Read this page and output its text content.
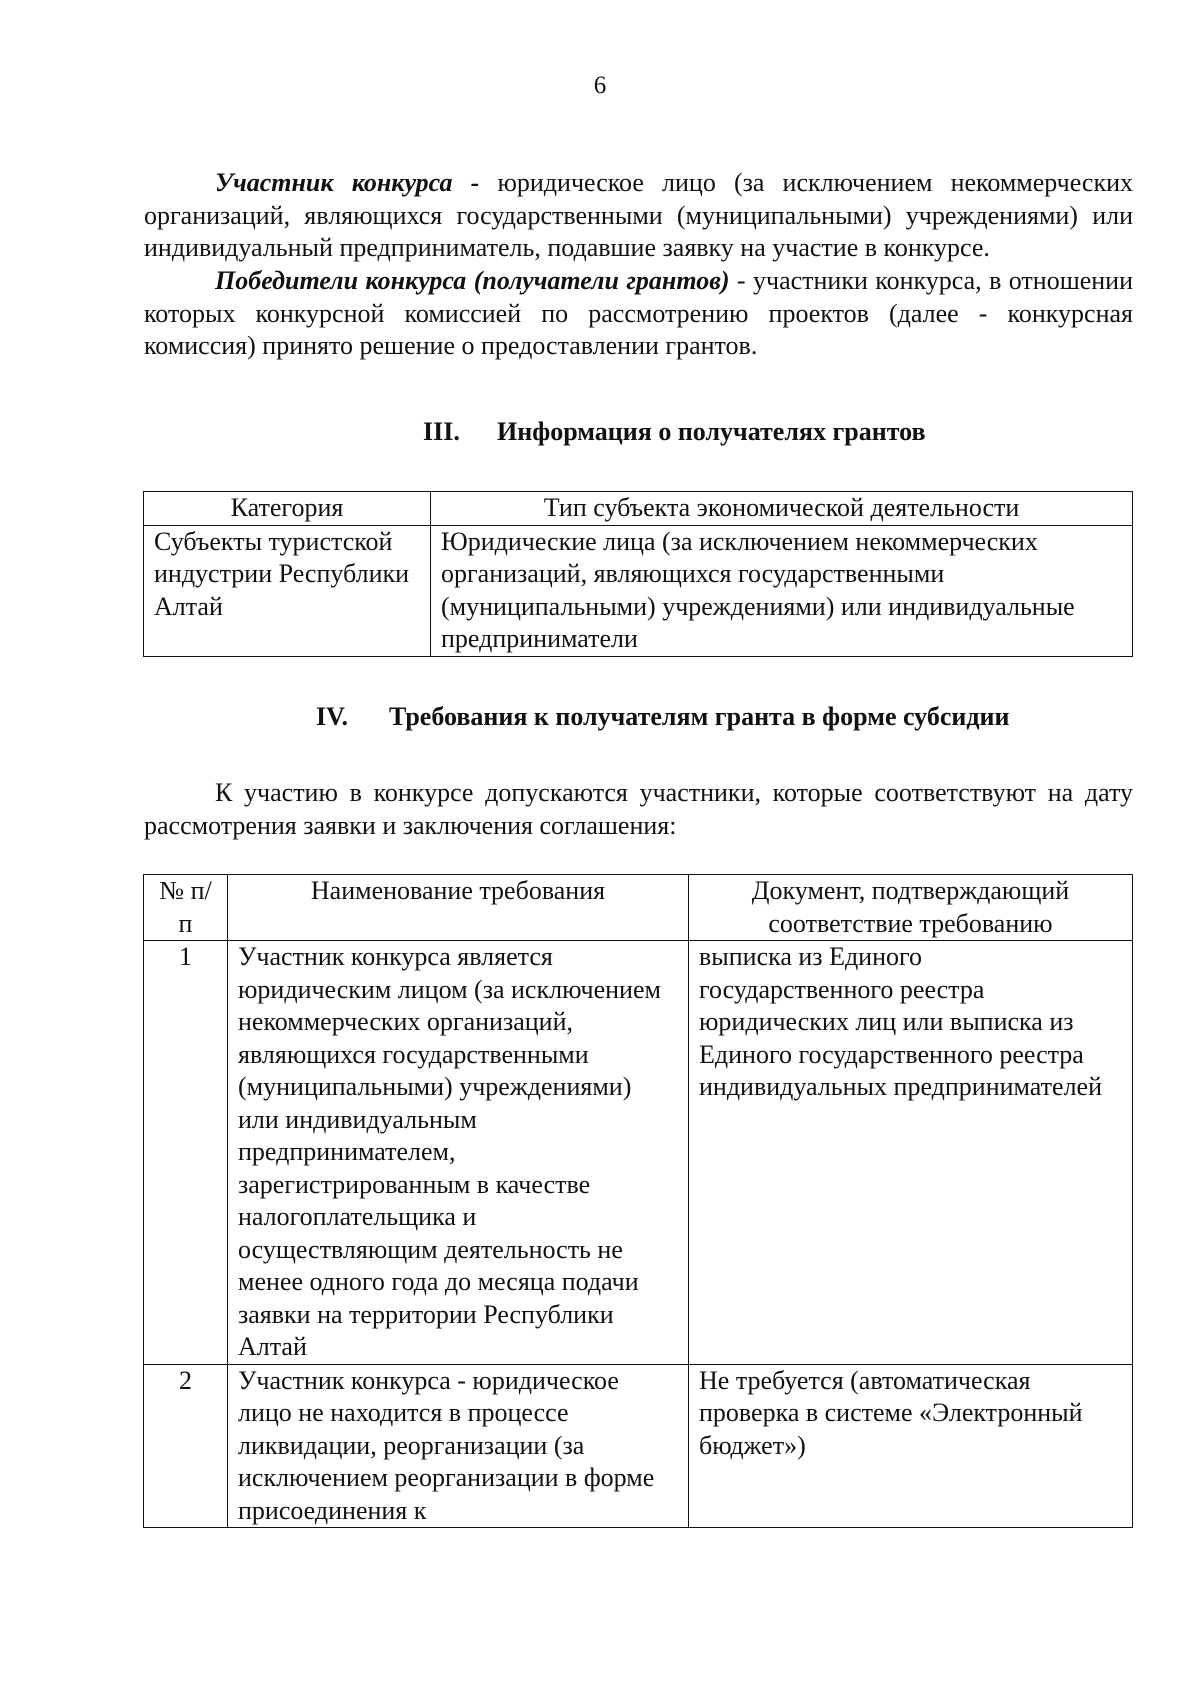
6

Участник конкурса - юридическое лицо (за исключением некоммерческих организаций, являющихся государственными (муниципальными) учреждениями) или индивидуальный предприниматель, подавшие заявку на участие в конкурсе.

Победители конкурса (получатели грантов) - участники конкурса, в отношении которых конкурсной комиссией по рассмотрению проектов (далее - конкурсная комиссия) принято решение о предоставлении грантов.

III. Информация о получателях грантов
Категория	Тип субъекта экономической деятельности
Субъекты туристской индустрии Республики Алтай	Юридические лица (за исключением некоммерческих организаций, являющихся государственными (муниципальными) учреждениями) или индивидуальные предприниматели
IV. Требования к получателям гранта в форме субсидии

К участию в конкурсе допускаются участники, которые соответствуют на дату рассмотрения заявки и заключения соглашения:

№ п/п	Наименование требования	Документ, подтверждающий соответствие требованию
1	Участник конкурса является юридическим лицом (за исключением некоммерческих организаций, являющихся государственными (муниципальными) учреждениями) или индивидуальным предпринимателем, зарегистрированным в качестве налогоплательщика и осуществляющим деятельность не менее одного года до месяца подачи заявки на территории Республики Алтай	выписка из Единого государственного реестра юридических лиц или выписка из Единого государственного реестра индивидуальных предпринимателей
2	Участник конкурса - юридическое лицо не находится в процессе ликвидации, реорганизации (за исключением реорганизации в форме присоединения к	Не требуется (автоматическая проверка в системе «Электронный бюджет»)
